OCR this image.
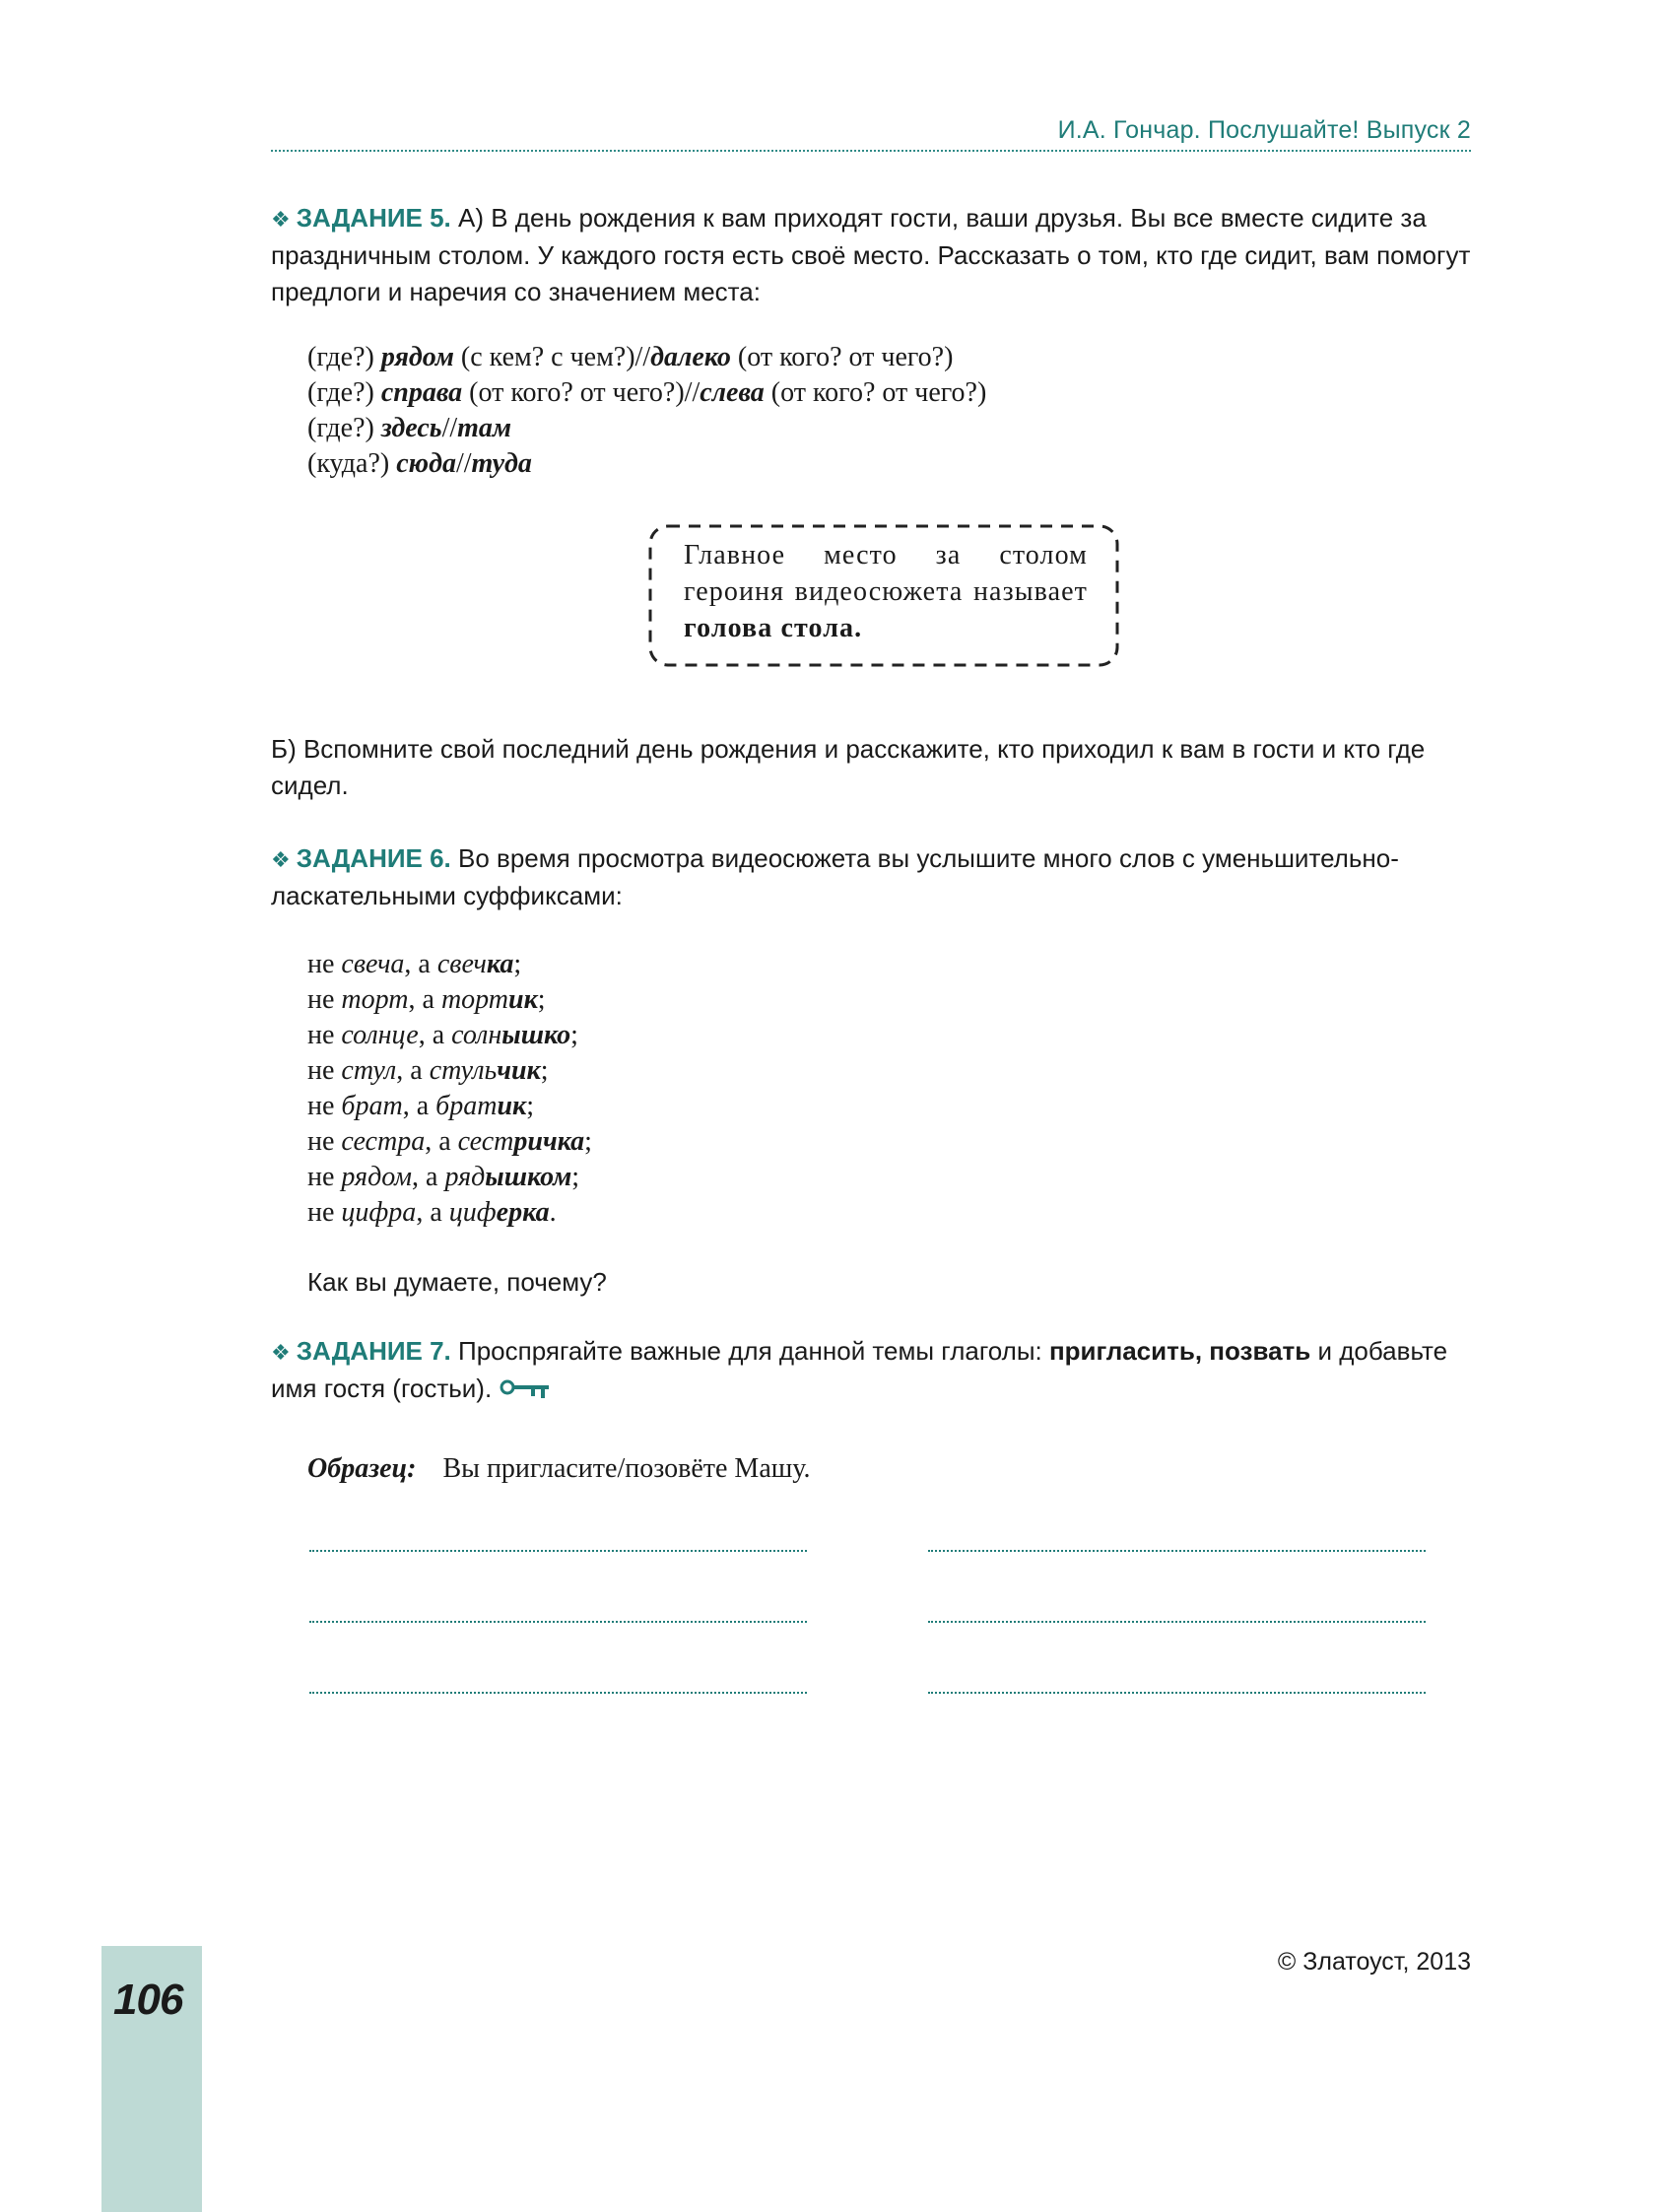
И.А. Гончар. Послушайте! Выпуск 2

❖ ЗАДАНИЕ 5. А) В день рождения к вам приходят гости, ваши друзья. Вы все вместе сидите за праздничным столом. У каждого гостя есть своё место. Рассказать о том, кто где сидит, вам помогут предлоги и наречия со значением места:

(где?) рядом (с кем? с чем?)//далеко (от кого? от чего?)
(где?) справа (от кого? от чего?)//слева (от кого? от чего?)
(где?) здесь//там
(куда?) сюда//туда
Главное место за столом героиня видеосюжета называет голова стола.

Б) Вспомните свой последний день рождения и расскажите, кто приходил к вам в гости и кто где сидел.

❖ ЗАДАНИЕ 6. Во время просмотра видеосюжета вы услышите много слов с уменьшительно-ласкательными суффиксами:

не свеча, а свечка;
не торт, а тортик;
не солнце, а солнышко;
не стул, а стульчик;
не брат, а братик;
не сестра, а сестричка;
не рядом, а рядышком;
не цифра, а циферка.

Как вы думаете, почему?

❖ ЗАДАНИЕ 7. Проспрягайте важные для данной темы глаголы: пригласить, позвать и добавьте имя гостя (гостьи).

Образец: Вы пригласите/позовёте Машу.
106
© Златоуст, 2013
